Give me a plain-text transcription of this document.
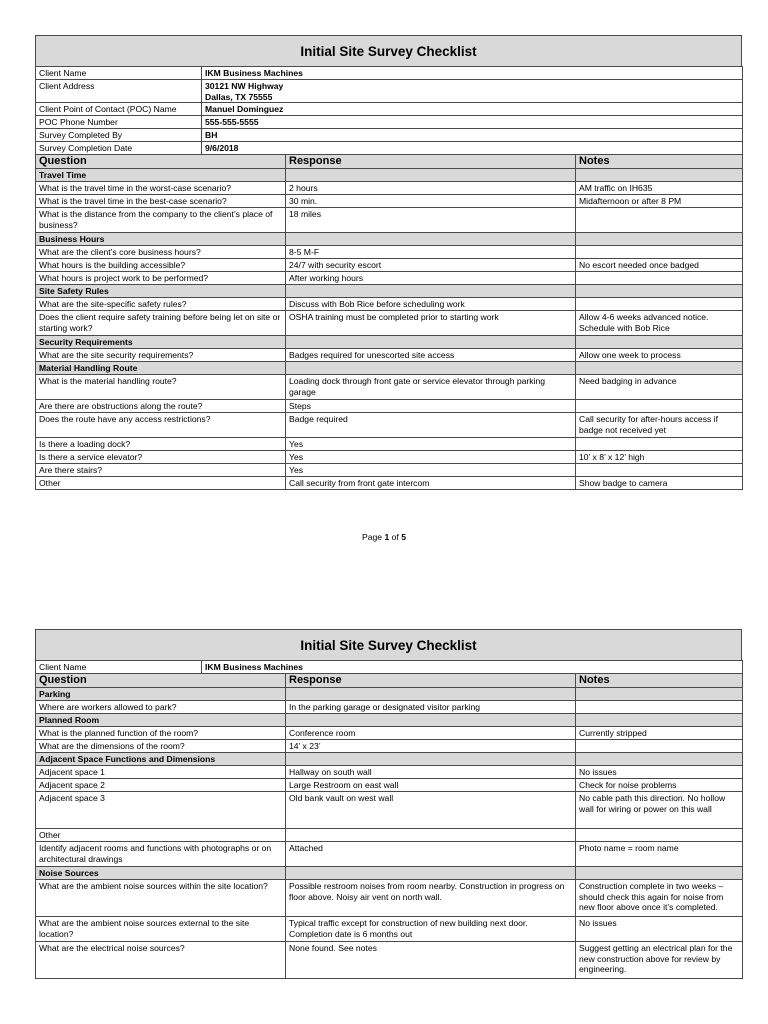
Initial Site Survey Checklist
Client Name	IKM Business Machines		
Client Address	30121 NW Highway
Dallas, TX 75555		
Client Point of Contact (POC) Name	Manuel Dominguez		
POC Phone Number	555-555-5555		
Survey Completed By	BH		
Survey Completion Date	9/6/2018		
Question		Response	Notes
Travel Time			
What is the travel time in the worst-case scenario?		2 hours	AM traffic on IH635
What is the travel time in the best-case scenario?		30 min.	Midafternoon or after 8 PM
What is the distance from the company to the client’s place of business?		18 miles	
Business Hours			
What are the client’s core business hours?		8-5 M-F	
What hours is the building accessible?		24/7 with security escort	No escort needed once badged
What hours is project work to be performed?		After working hours	
Site Safety Rules			
What are the site-specific safety rules?		Discuss with Bob Rice before scheduling work	
Does the client require safety training before being let on site or starting work?		OSHA training must be completed prior to starting work	Allow 4-6 weeks advanced notice. Schedule with Bob Rice
Security Requirements			
What are the site security requirements?		Badges required for unescorted site access	Allow one week to process
Material Handling Route			
What is the material handling route?		Loading dock through front gate or service elevator through parking garage	Need badging in advance
Are there are obstructions along the route?		Steps	
Does the route have any access restrictions?		Badge required	Call security for after-hours access if badge not received yet
Is there a loading dock?		Yes	
Is there a service elevator?		Yes	10’ x 8’ x 12’ high
Are there stairs?		Yes	
Other		Call security from front gate intercom	Show badge to camera
Page 1 of 5
Initial Site Survey Checklist
Client Name	IKM Business Machines		
Question		Response	Notes
Parking			
Where are workers allowed to park?		In the parking garage or designated visitor parking	
Planned Room			
What is the planned function of the room?		Conference room	Currently stripped
What are the dimensions of the room?		14’ x 23’	
Adjacent Space Functions and Dimensions			
Adjacent space 1		Hallway on south wall	No issues
Adjacent space 2		Large Restroom on east wall	Check for noise problems
Adjacent space 3		Old bank vault on west wall	No cable path this direction. No hollow wall for wiring or power on this wall
Other			
Identify adjacent rooms and functions with photographs or on architectural drawings		Attached	Photo name = room name
Noise Sources			
What are the ambient noise sources within the site location?		Possible restroom noises from room nearby. Construction in progress on floor above. Noisy air vent on north wall.	Construction complete in two weeks – should check this again for noise from new floor above once it’s completed.
What are the ambient noise sources external to the site location?		Typical traffic except for construction of new building next door. Completion date is 6 months out	No issues
What are the electrical noise sources?		None found. See notes	Suggest getting an electrical plan for the new construction above for review by engineering.
